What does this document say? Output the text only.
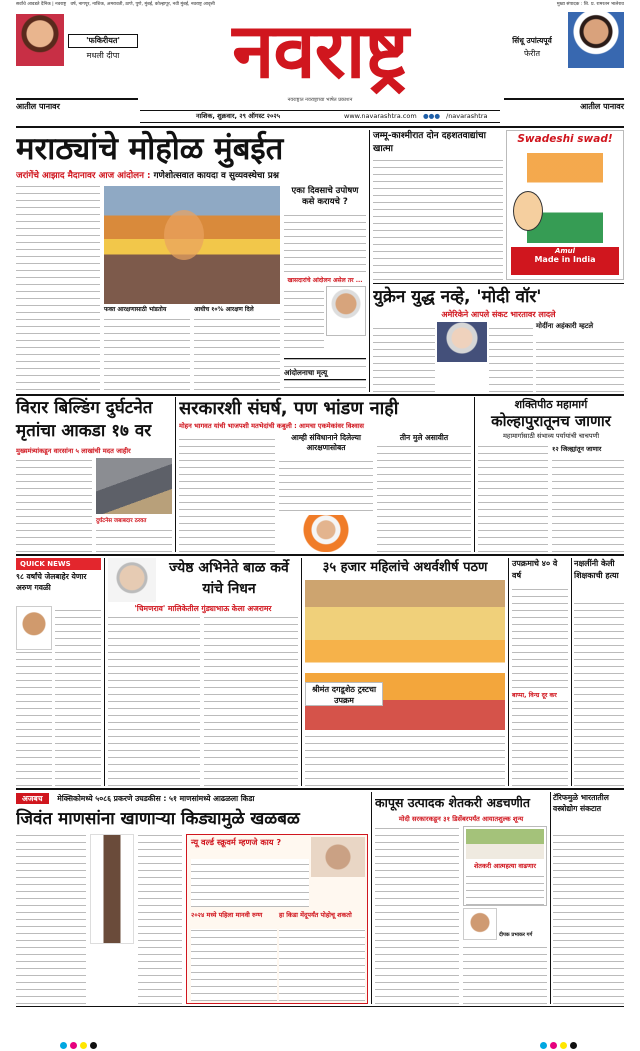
सर्वांचे आवडते दैनिक | नवराष्ट्र वर्ष, नागपूर, नाशिक, अमरावती, ठाणे, पुणे, मुंबई, कोल्हापूर, नवी मुंबई, नवराष्ट्र आवृत्ती	मुख्य संपादक : शि. प्र. रामरतन भालेराव
'फकिरीयत'
मधली दीपा
आतील पानावर
नवराष्ट्र
नवराष्ट्रात नवराष्ट्राच्या भाषेत प्रकाशन
सिंधू उपांत्यपूर्व
फेरीत
आतील पानावर
नाशिक, शुक्रवार, २९ ऑगस्ट २०२५	www.navarashtra.com ●●● /navarashtra
मराठ्यांचे मोहोळ मुंबईत
जरांगेंचे आझाद मैदानावर आज आंदोलन : गणेशोत्सवात कायदा व सुव्यवस्थेचा प्रश्न
फक्त आरक्षणासाठी भांडतोय	आधीच १०% आरक्षण दिले
एका दिवसाचे उपोषण कसे करायचे ?
खासदारांचे आंदोलन असेल तर ...
आंदोलनाचा मृत्यू
जम्मू-काश्मीरात दोन दहशतवाद्यांचा खात्मा
Swadeshi swad!
Amul
Made in India
युक्रेन युद्ध नव्हे, 'मोदी वॉर'
अमेरिकेने आपले संकट भारतावर लादले
मोदींना अहंकारी म्हटले
विरार बिल्डिंग दुर्घटनेत मृतांचा आकडा १७ वर
मुख्यमंत्र्यांकडून वारसांना ५ लाखांची मदत जाहीर
दुर्घटनेस जबाबदार ठरवत
सरकारशी संघर्ष, पण भांडण नाही
मोहन भागवत यांची भाजपशी मतभेदांची कबुली : आमचा एकमेकांवर विश्वास
आम्ही संविधानाने दिलेल्या आरक्षणासोबत
तीन मुले असावीत
शक्तिपीठ महामार्ग
कोल्हापुरातूनच जाणार
महामार्गासाठी संभाव्य पर्यायांची चाचपणी
१२ जिल्ह्यांतून जाणार
QUICK NEWS
९८ वर्षांचे जेलबाहेर येणार अरुण गवळी
ज्येष्ठ अभिनेते बाळ कर्वे यांचे निधन
'चिमणराव' मालिकेतील गुंड्याभाऊ केला अजरामर
३५ हजार महिलांचे अथर्वशीर्ष पठण
श्रीमंत दगडूशेठ ट्रस्टचा उपक्रम
उपक्रमाचे ४० वे वर्ष
बाप्पा, विन्ग्र दूर कर
नक्षलींनी केली शिक्षकाची हत्या
अजबच मेक्सिकोमध्ये ५०८६ प्रकरणे उघडकीस : ५१ माणसांमध्ये आढळला किडा
जिवंत माणसांना खाणाऱ्या किड्यामुळे खळबळ
न्यू वर्ल्ड स्क्रूवर्म म्हणजे काय ?
२०२४ मध्ये पहिला मानवी रुग्ण	हा किडा मेंदूपर्यंत पोहोचू शकतो
कापूस उत्पादक शेतकरी अडचणीत
मोदी सरकारकडून ३१ डिसेंबरपर्यंत आयातशुल्क शून्य
शेतकरी आत्महत्या वाढणार
दीपक प्रभाकर गर्ग
टॅरिफमुळे भारतातील वस्त्रोद्योग संकटात
